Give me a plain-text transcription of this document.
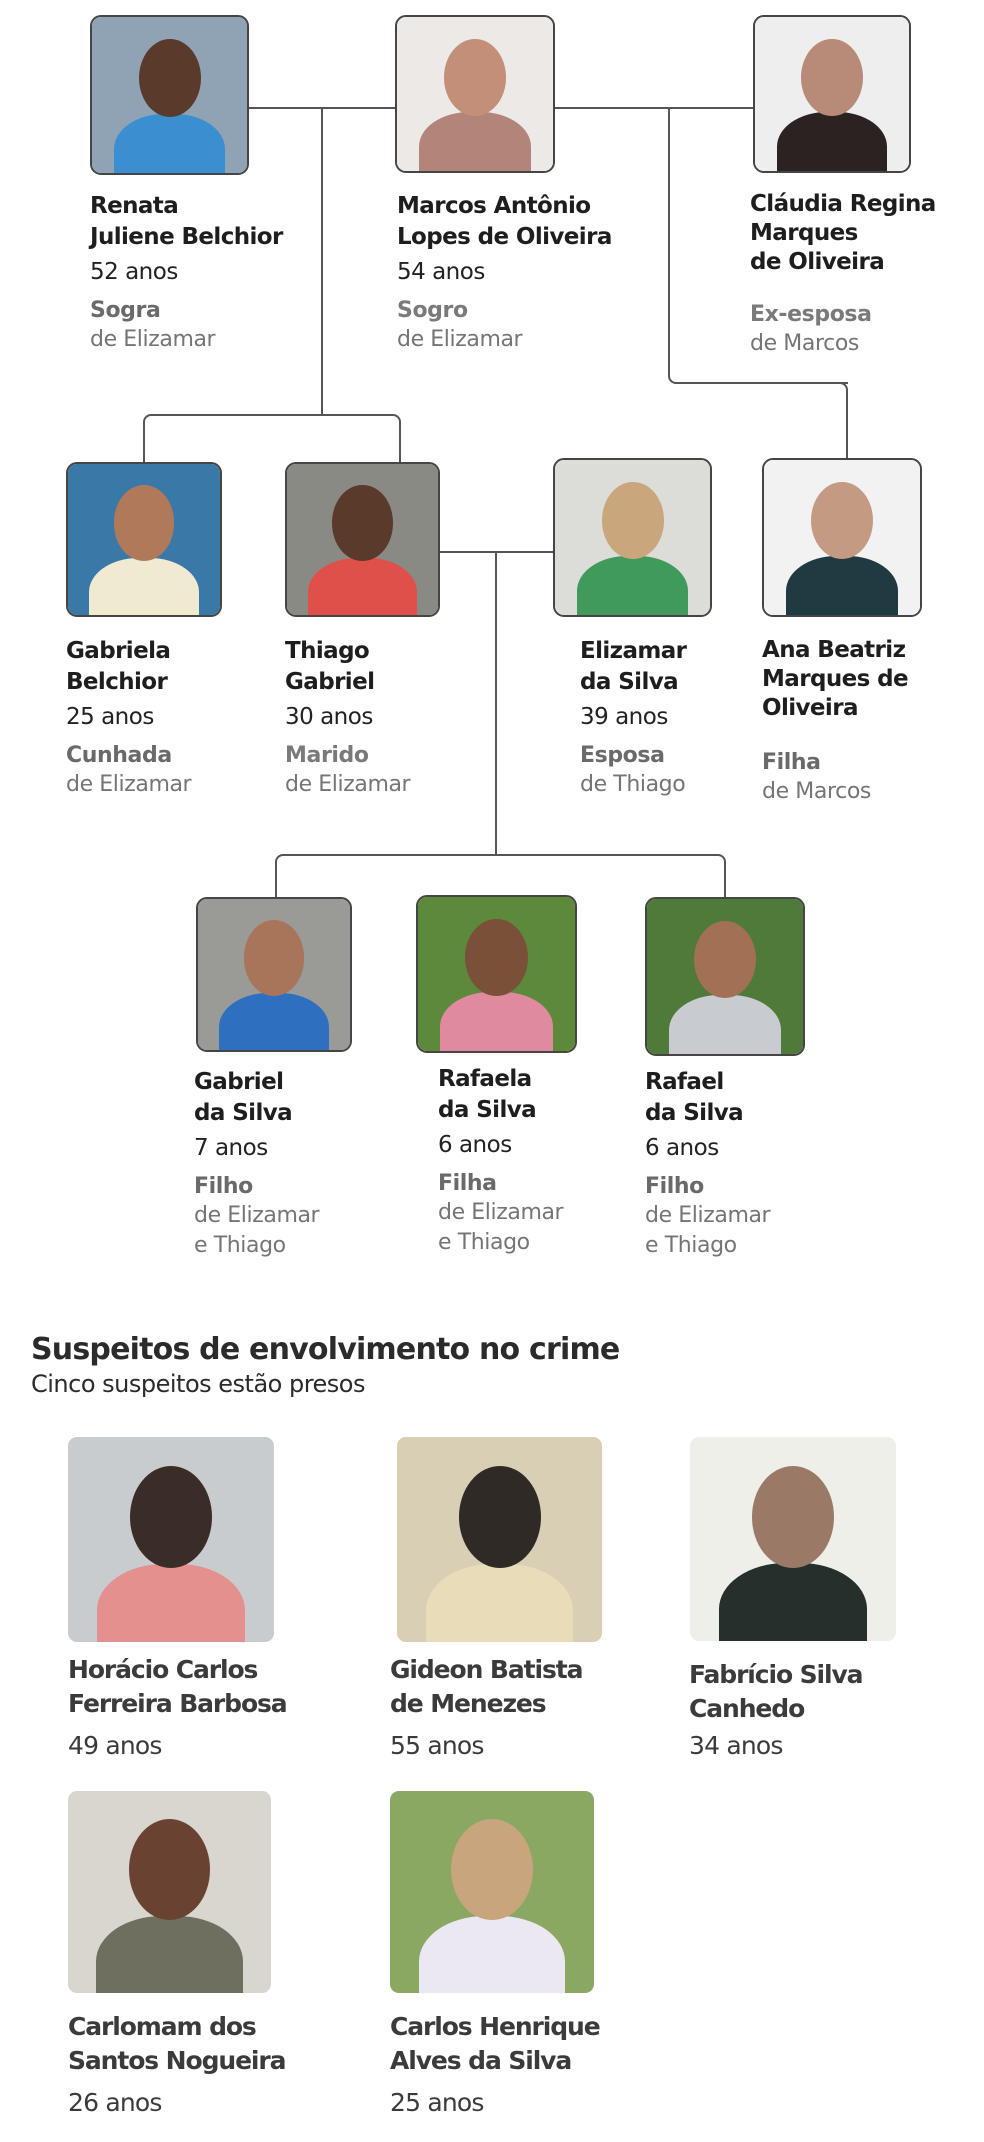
Renata
Juliene Belchior
52 anos
Sogra
de Elizamar
Marcos Antônio
Lopes de Oliveira
54 anos
Sogro
de Elizamar
Cláudia Regina
Marques
de Oliveira
Ex-esposa
de Marcos
Gabriela
Belchior
25 anos
Cunhada
de Elizamar
Thiago
Gabriel
30 anos
Marido
de Elizamar
Elizamar
da Silva
39 anos
Esposa
de Thiago
Ana Beatriz
Marques de
Oliveira
Filha
de Marcos
Gabriel
da Silva
7 anos
Filho
de Elizamar
e Thiago
Rafaela
da Silva
6 anos
Filha
de Elizamar
e Thiago
Rafael
da Silva
6 anos
Filho
de Elizamar
e Thiago
Suspeitos de envolvimento no crime
Cinco suspeitos estão presos
Horácio Carlos
Ferreira Barbosa
49 anos
Gideon Batista
de Menezes
55 anos
Fabrício Silva
Canhedo
34 anos
Carlomam dos
Santos Nogueira
26 anos
Carlos Henrique
Alves da Silva
25 anos
